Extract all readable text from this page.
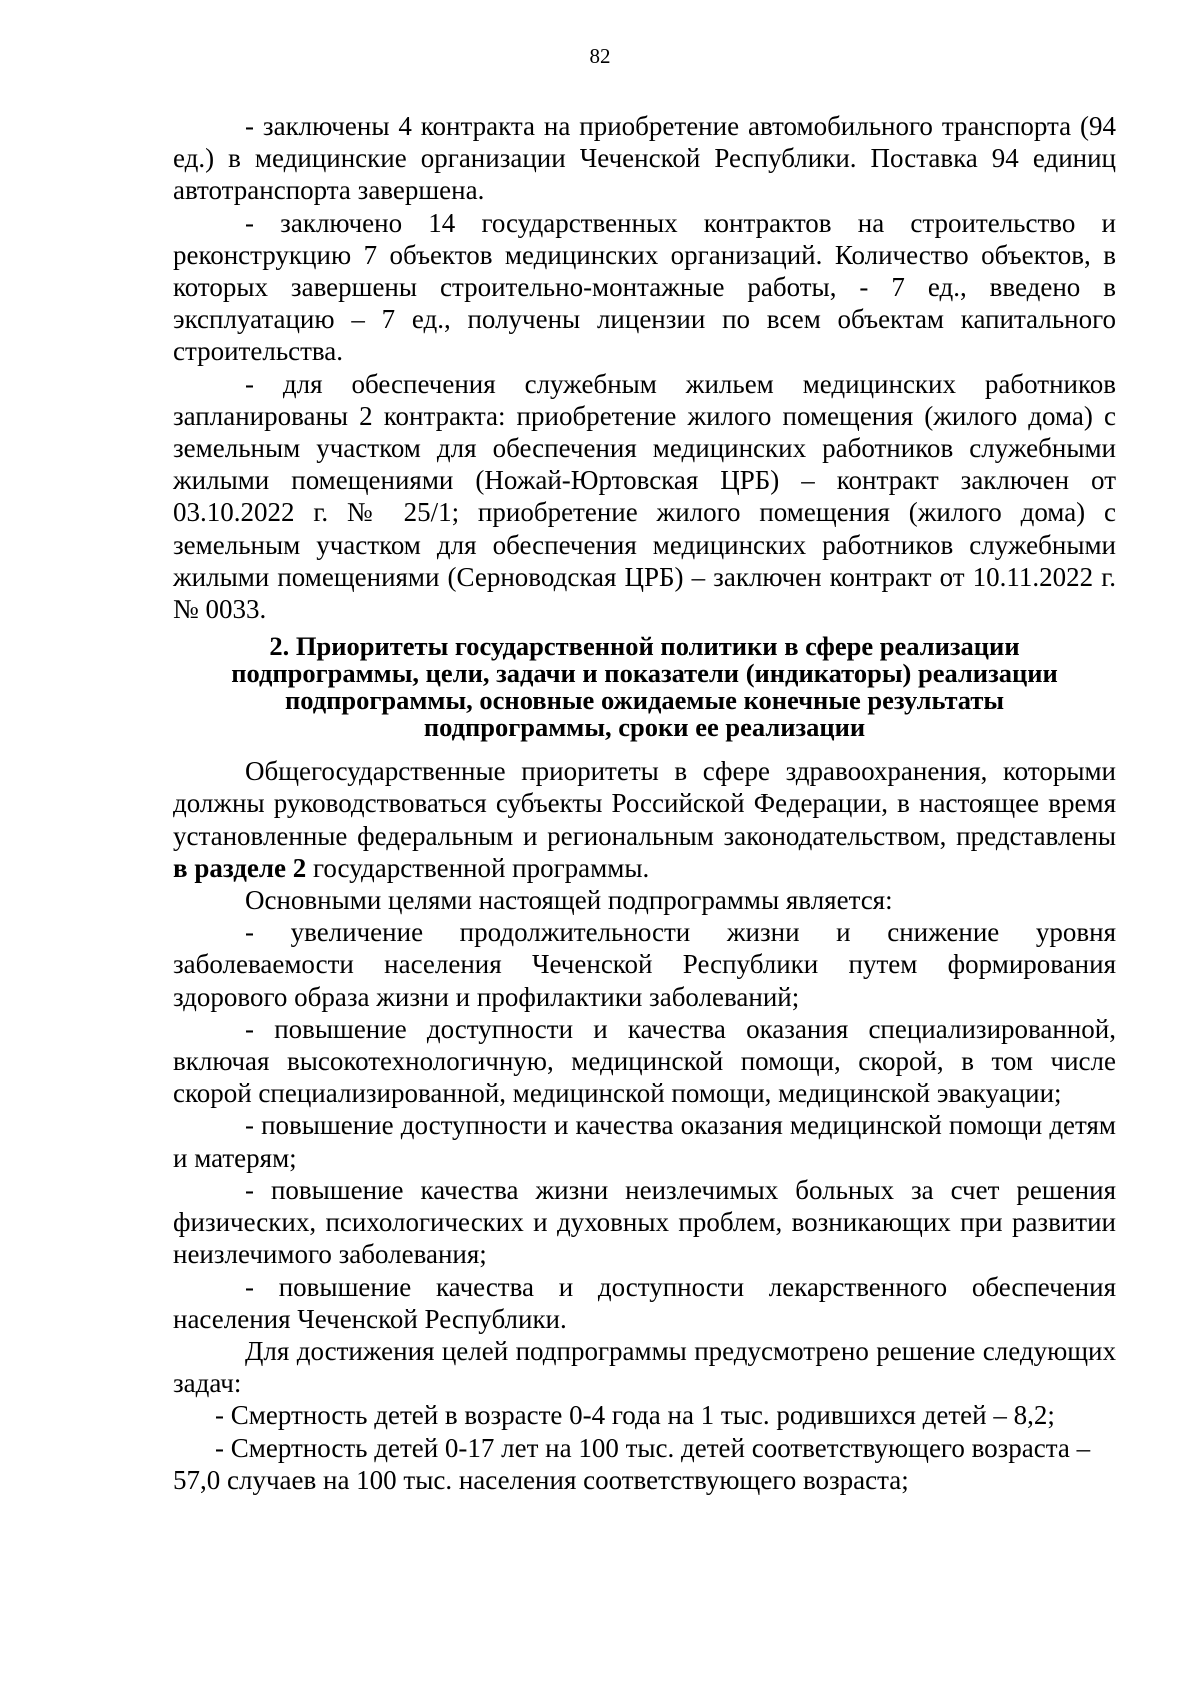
82

- заключены 4 контракта на приобретение автомобильного транспорта (94 ед.) в медицинские организации Чеченской Республики. Поставка 94 единиц автотранспорта завершена.

- заключено 14 государственных контрактов на строительство и реконструкцию 7 объектов медицинских организаций. Количество объектов, в которых завершены строительно-монтажные работы, - 7 ед., введено в эксплуатацию – 7 ед., получены лицензии по всем объектам капитального строительства.

- для обеспечения служебным жильем медицинских работников запланированы 2 контракта: приобретение жилого помещения (жилого дома) с земельным участком для обеспечения медицинских работников служебными жилыми помещениями (Ножай-Юртовская ЦРБ) – контракт заключен от 03.10.2022 г. № 25/1; приобретение жилого помещения (жилого дома) с земельным участком для обеспечения медицинских работников служебными жилыми помещениями (Серноводская ЦРБ) – заключен контракт от 10.11.2022 г. № 0033.

2. Приоритеты государственной политики в сфере реализации подпрограммы, цели, задачи и показатели (индикаторы) реализации подпрограммы, основные ожидаемые конечные результаты подпрограммы, сроки ее реализации

Общегосударственные приоритеты в сфере здравоохранения, которыми должны руководствоваться субъекты Российской Федерации, в настоящее время установленные федеральным и региональным законодательством, представлены в разделе 2 государственной программы.

Основными целями настоящей подпрограммы является:

- увеличение продолжительности жизни и снижение уровня заболеваемости населения Чеченской Республики путем формирования здорового образа жизни и профилактики заболеваний;

- повышение доступности и качества оказания специализированной, включая высокотехнологичную, медицинской помощи, скорой, в том числе скорой специализированной, медицинской помощи, медицинской эвакуации;

- повышение доступности и качества оказания медицинской помощи детям и матерям;

- повышение качества жизни неизлечимых больных за счет решения физических, психологических и духовных проблем, возникающих при развитии неизлечимого заболевания;

- повышение качества и доступности лекарственного обеспечения населения Чеченской Республики.

Для достижения целей подпрограммы предусмотрено решение следующих задач:

- Смертность детей в возрасте 0-4 года на 1 тыс. родившихся детей – 8,2;

- Смертность детей 0-17 лет на 100 тыс. детей соответствующего возраста – 57,0 случаев на 100 тыс. населения соответствующего возраста;
